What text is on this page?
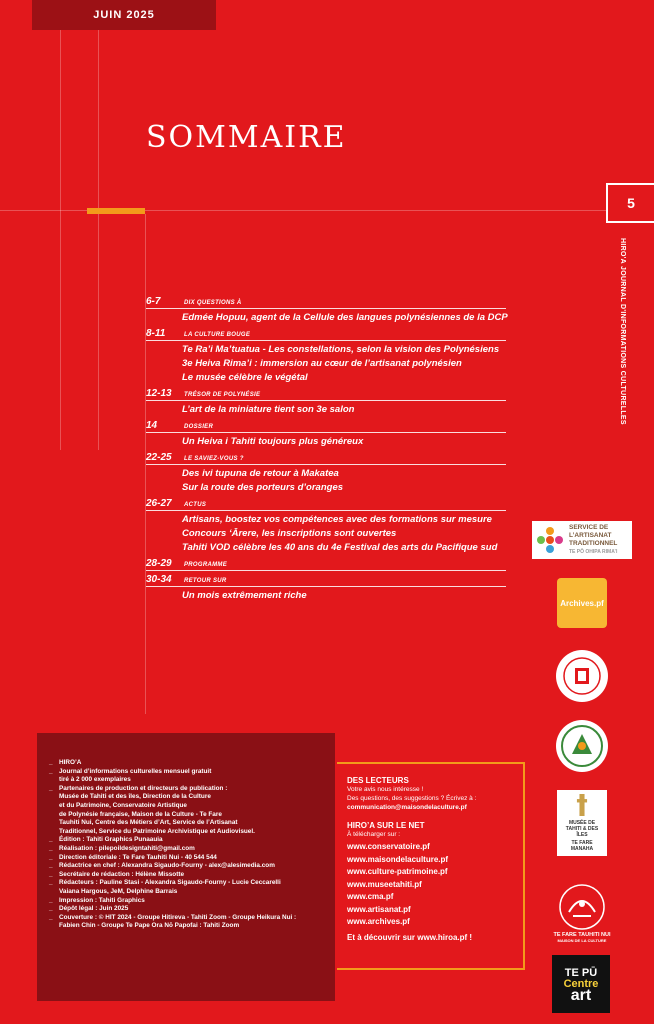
JUIN 2025
SOMMAIRE
5
HIRO'A JOURNAL D'INFORMATIONS CULTURELLES
6-7	DIX QUESTIONS À
Edmée Hopuu, agent de la Cellule des langues polynésiennes de la DCP
8-11	LA CULTURE BOUGE
Te Ra’i Ma’tuatua - Les constellations, selon la vision des Polynésiens
3e Heiva Rima’i : immersion au cœur de l’artisanat polynésien
Le musée célèbre le végétal
12-13	TRÉSOR DE POLYNÉSIE
L’art de la miniature tient son 3e salon
14	DOSSIER
Un Heiva i Tahiti toujours plus généreux
22-25	LE SAVIEZ-VOUS ?
Des ivi tupuna de retour à Makatea
Sur la route des porteurs d’oranges
26-27	ACTUS
Artisans, boostez vos compétences avec des formations sur mesure
Concours ‘Ārere, les inscriptions sont ouvertes
Tahiti VOD célèbre les 40 ans du 4e Festival des arts du Pacifique sud
28-29	PROGRAMME
30-34	RETOUR SUR
Un mois extrêmement riche
_	HIRO’A
_	Journal d’informations culturelles mensuel gratuit
tiré à 2 000 exemplaires
_	Partenaires de production et directeurs de publication :
Musée de Tahiti et des îles, Direction de la Culture
et du Patrimoine, Conservatoire Artistique
de Polynésie française, Maison de la Culture - Te Fare
Tauhiti Nui, Centre des Métiers d’Art, Service de l’Artisanat
Traditionnel, Service du Patrimoine Archivistique et Audiovisuel.
_	Édition : Tahiti Graphics Punaauia
_	Réalisation : pilepoildesigntahiti@gmail.com
_	Direction éditoriale : Te Fare Tauhiti Nui - 40 544 544
_	Rédactrice en chef : Alexandra Sigaudo-Fourny - alex@alesimedia.com
_	Secrétaire de rédaction : Hélène Missotte
_	Rédacteurs : Pauline Stasi - Alexandra Sigaudo-Fourny - Lucie Ceccarelli
Vaiana Hargous, JeM, Delphine Barrais
_	Impression : Tahiti Graphics
_	Dépôt légal : Juin 2025
_	Couverture : © HIT 2024 - Groupe Hitireva - Tahiti Zoom - Groupe Heikura Nui :
Fabien Chin - Groupe Te Pape Ora Nō Papofai : Tahiti Zoom
DES LECTEURS
Votre avis nous intéresse !
Des questions, des suggestions ? Écrivez à :
communication@maisondelaculture.pf
HIRO’A SUR LE NET
À télécharger sur :
www.conservatoire.pf
www.maisondelaculture.pf
www.culture-patrimoine.pf
www.museetahiti.pf
www.cma.pf
www.artisanat.pf
www.archives.pf
Et à découvrir sur www.hiroa.pf !
SERVICE DE L’ARTISANAT TRADITIONNEL
TE PŌ OHIPA RIMA’I
Archives.pf
MUSÉE DE TAHITI & DES ÎLES
TE FARE MANAHA
TE FARE TAUHITI NUI
MAISON DE LA CULTURE
TE PŪ
Centre
art
